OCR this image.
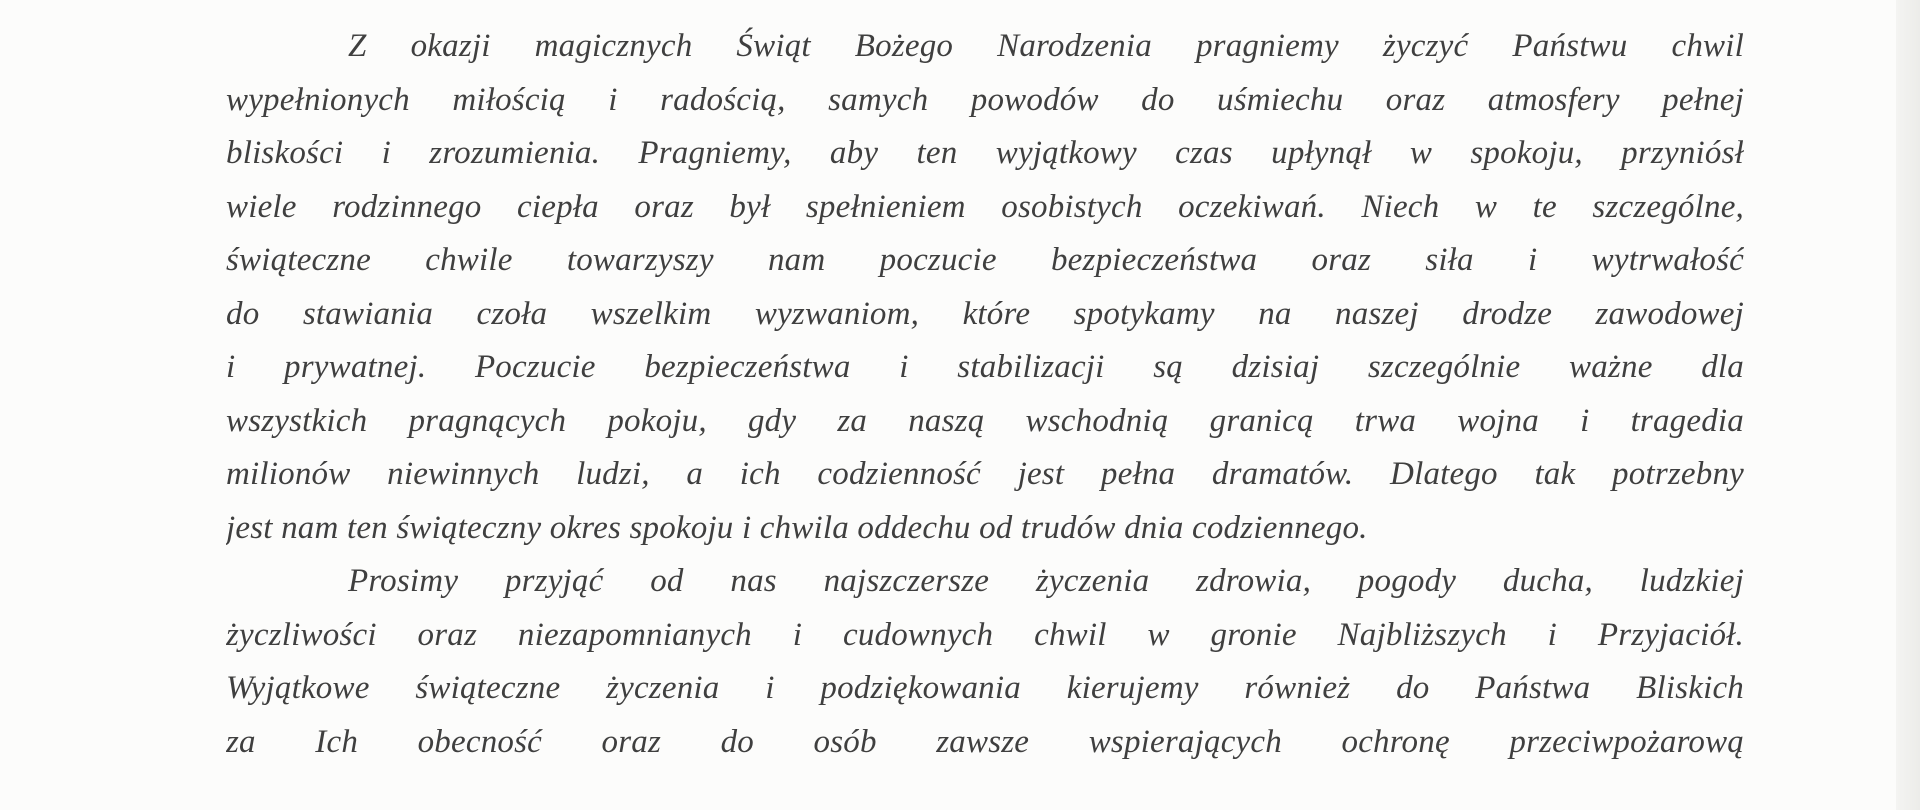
Z okazji magicznych Świąt Bożego Narodzenia pragniemy życzyć Państwu chwil
wypełnionych miłością i radością, samych powodów do uśmiechu oraz atmosfery pełnej
bliskości i zrozumienia. Pragniemy, aby ten wyjątkowy czas upłynął w spokoju, przyniósł
wiele rodzinnego ciepła oraz był spełnieniem osobistych oczekiwań. Niech w te szczególne,
świąteczne chwile towarzyszy nam poczucie bezpieczeństwa oraz siła i wytrwałość
do stawiania czoła wszelkim wyzwaniom, które spotykamy na naszej drodze zawodowej
i prywatnej. Poczucie bezpieczeństwa i stabilizacji są dzisiaj szczególnie ważne dla
wszystkich pragnących pokoju, gdy za naszą wschodnią granicą trwa wojna i tragedia
milionów niewinnych ludzi, a ich codzienność jest pełna dramatów. Dlatego tak potrzebny
jest nam ten świąteczny okres spokoju i chwila oddechu od trudów dnia codziennego.
Prosimy przyjąć od nas najszczersze życzenia zdrowia, pogody ducha, ludzkiej
życzliwości oraz niezapomnianych i cudownych chwil w gronie Najbliższych i Przyjaciół.
Wyjątkowe świąteczne życzenia i podziękowania kierujemy również do Państwa Bliskich
za Ich obecność oraz do osób zawsze wspierających ochronę przeciwpożarową
